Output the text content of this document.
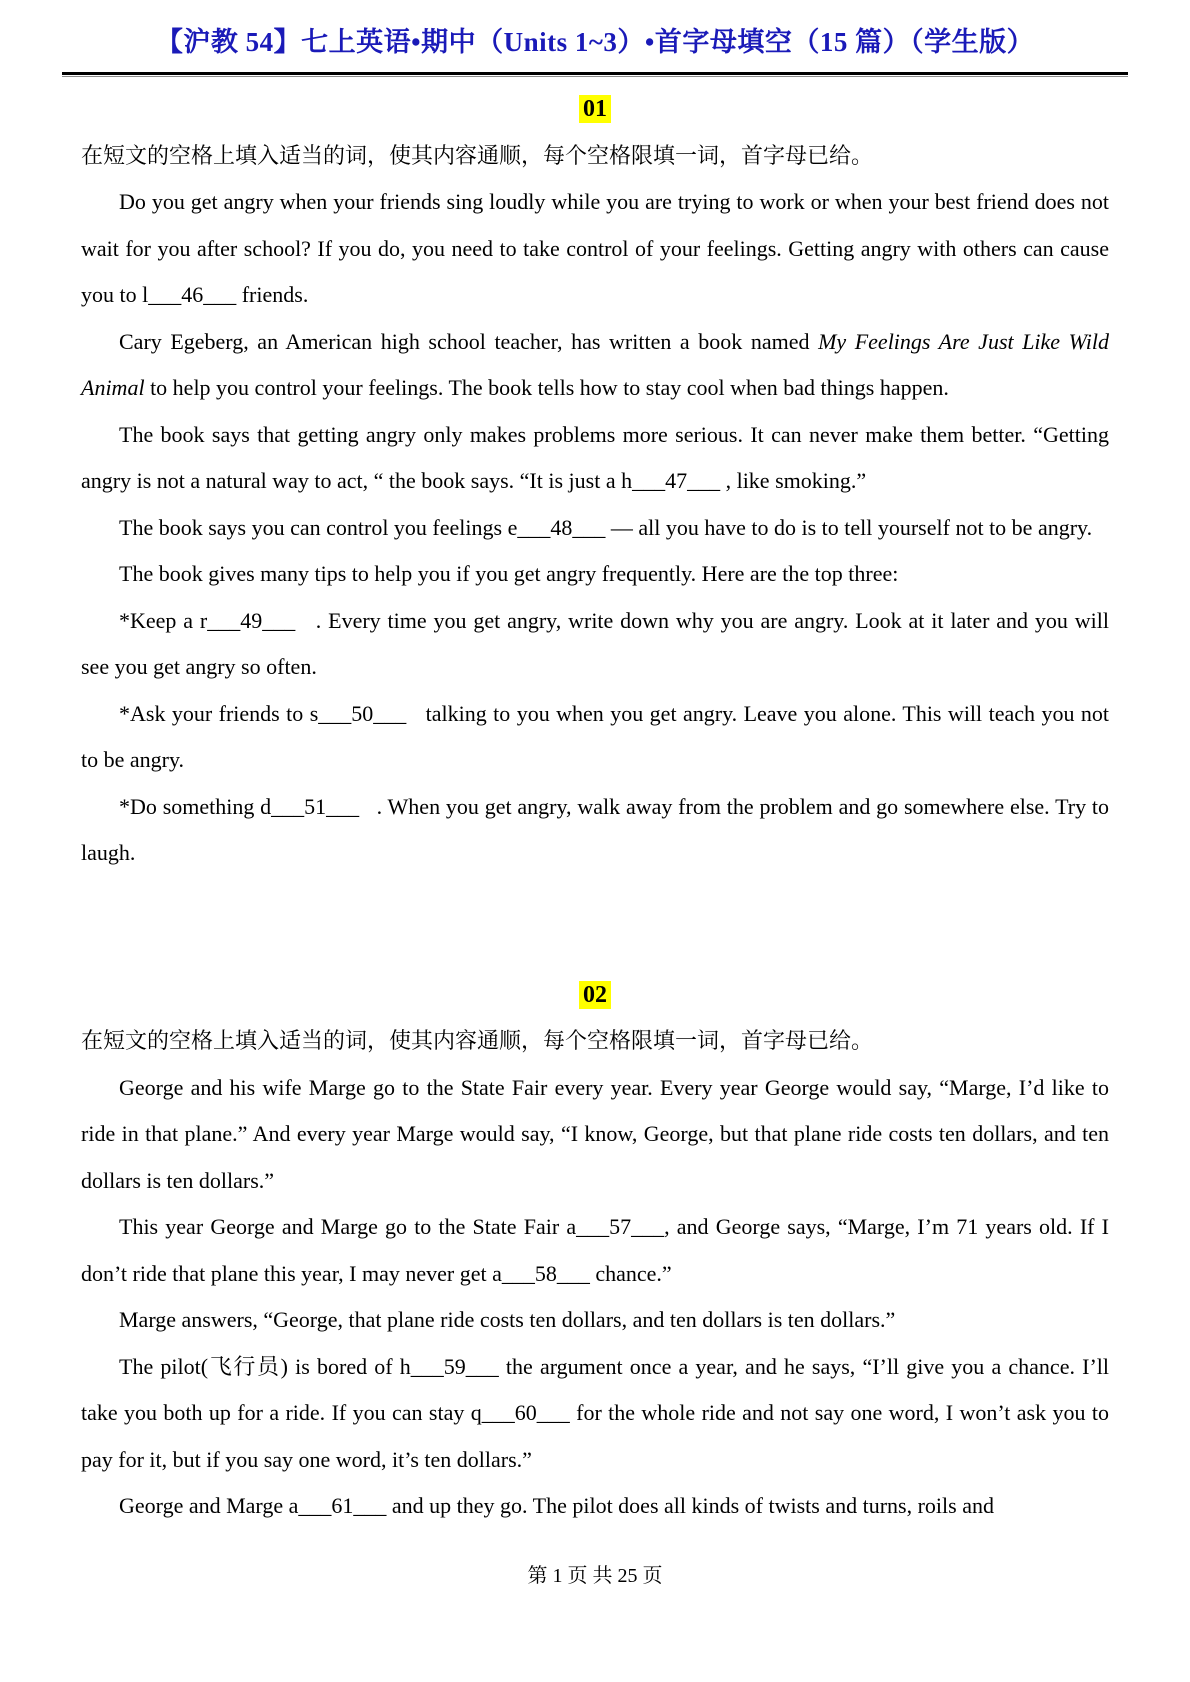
【沪教 54】七上英语•期中（Units 1~3）•首字母填空（15 篇）（学生版）
01

在短文的空格上填入适当的词，使其内容通顺，每个空格限填一词，首字母已给。

Do you get angry when your friends sing loudly while you are trying to work or when your best friend does not wait for you after school? If you do, you need to take control of your feelings. Getting angry with others can cause you to l___46___ friends.

Cary Egeberg, an American high school teacher, has written a book named My Feelings Are Just Like Wild Animal to help you control your feelings. The book tells how to stay cool when bad things happen.

The book says that getting angry only makes problems more serious. It can never make them better. “Getting angry is not a natural way to act, “ the book says. “It is just a h___47___ , like smoking.”

The book says you can control you feelings e___48___ — all you have to do is to tell yourself not to be angry.

The book gives many tips to help you if you get angry frequently. Here are the top three:

*Keep a r___49___   . Every time you get angry, write down why you are angry. Look at it later and you will see you get angry so often.

*Ask your friends to s___50___   talking to you when you get angry. Leave you alone. This will teach you not to be angry.

*Do something d___51___   . When you get angry, walk away from the problem and go somewhere else. Try to laugh.

02

在短文的空格上填入适当的词，使其内容通顺，每个空格限填一词，首字母已给。

George and his wife Marge go to the State Fair every year. Every year George would say, “Marge, I’d like to ride in that plane.” And every year Marge would say, “I know, George, but that plane ride costs ten dollars, and ten dollars is ten dollars.”

This year George and Marge go to the State Fair a___57___, and George says, “Marge, I’m 71 years old. If I don’t ride that plane this year, I may never get a___58___ chance.”

Marge answers, “George, that plane ride costs ten dollars, and ten dollars is ten dollars.”

The pilot(飞行员) is bored of h___59___ the argument once a year, and he says, “I’ll give you a chance. I’ll take you both up for a ride. If you can stay q___60___ for the whole ride and not say one word, I won’t ask you to pay for it, but if you say one word, it’s ten dollars.”

George and Marge a___61___ and up they go. The pilot does all kinds of twists and turns, roils and

第 1 页 共 25 页
